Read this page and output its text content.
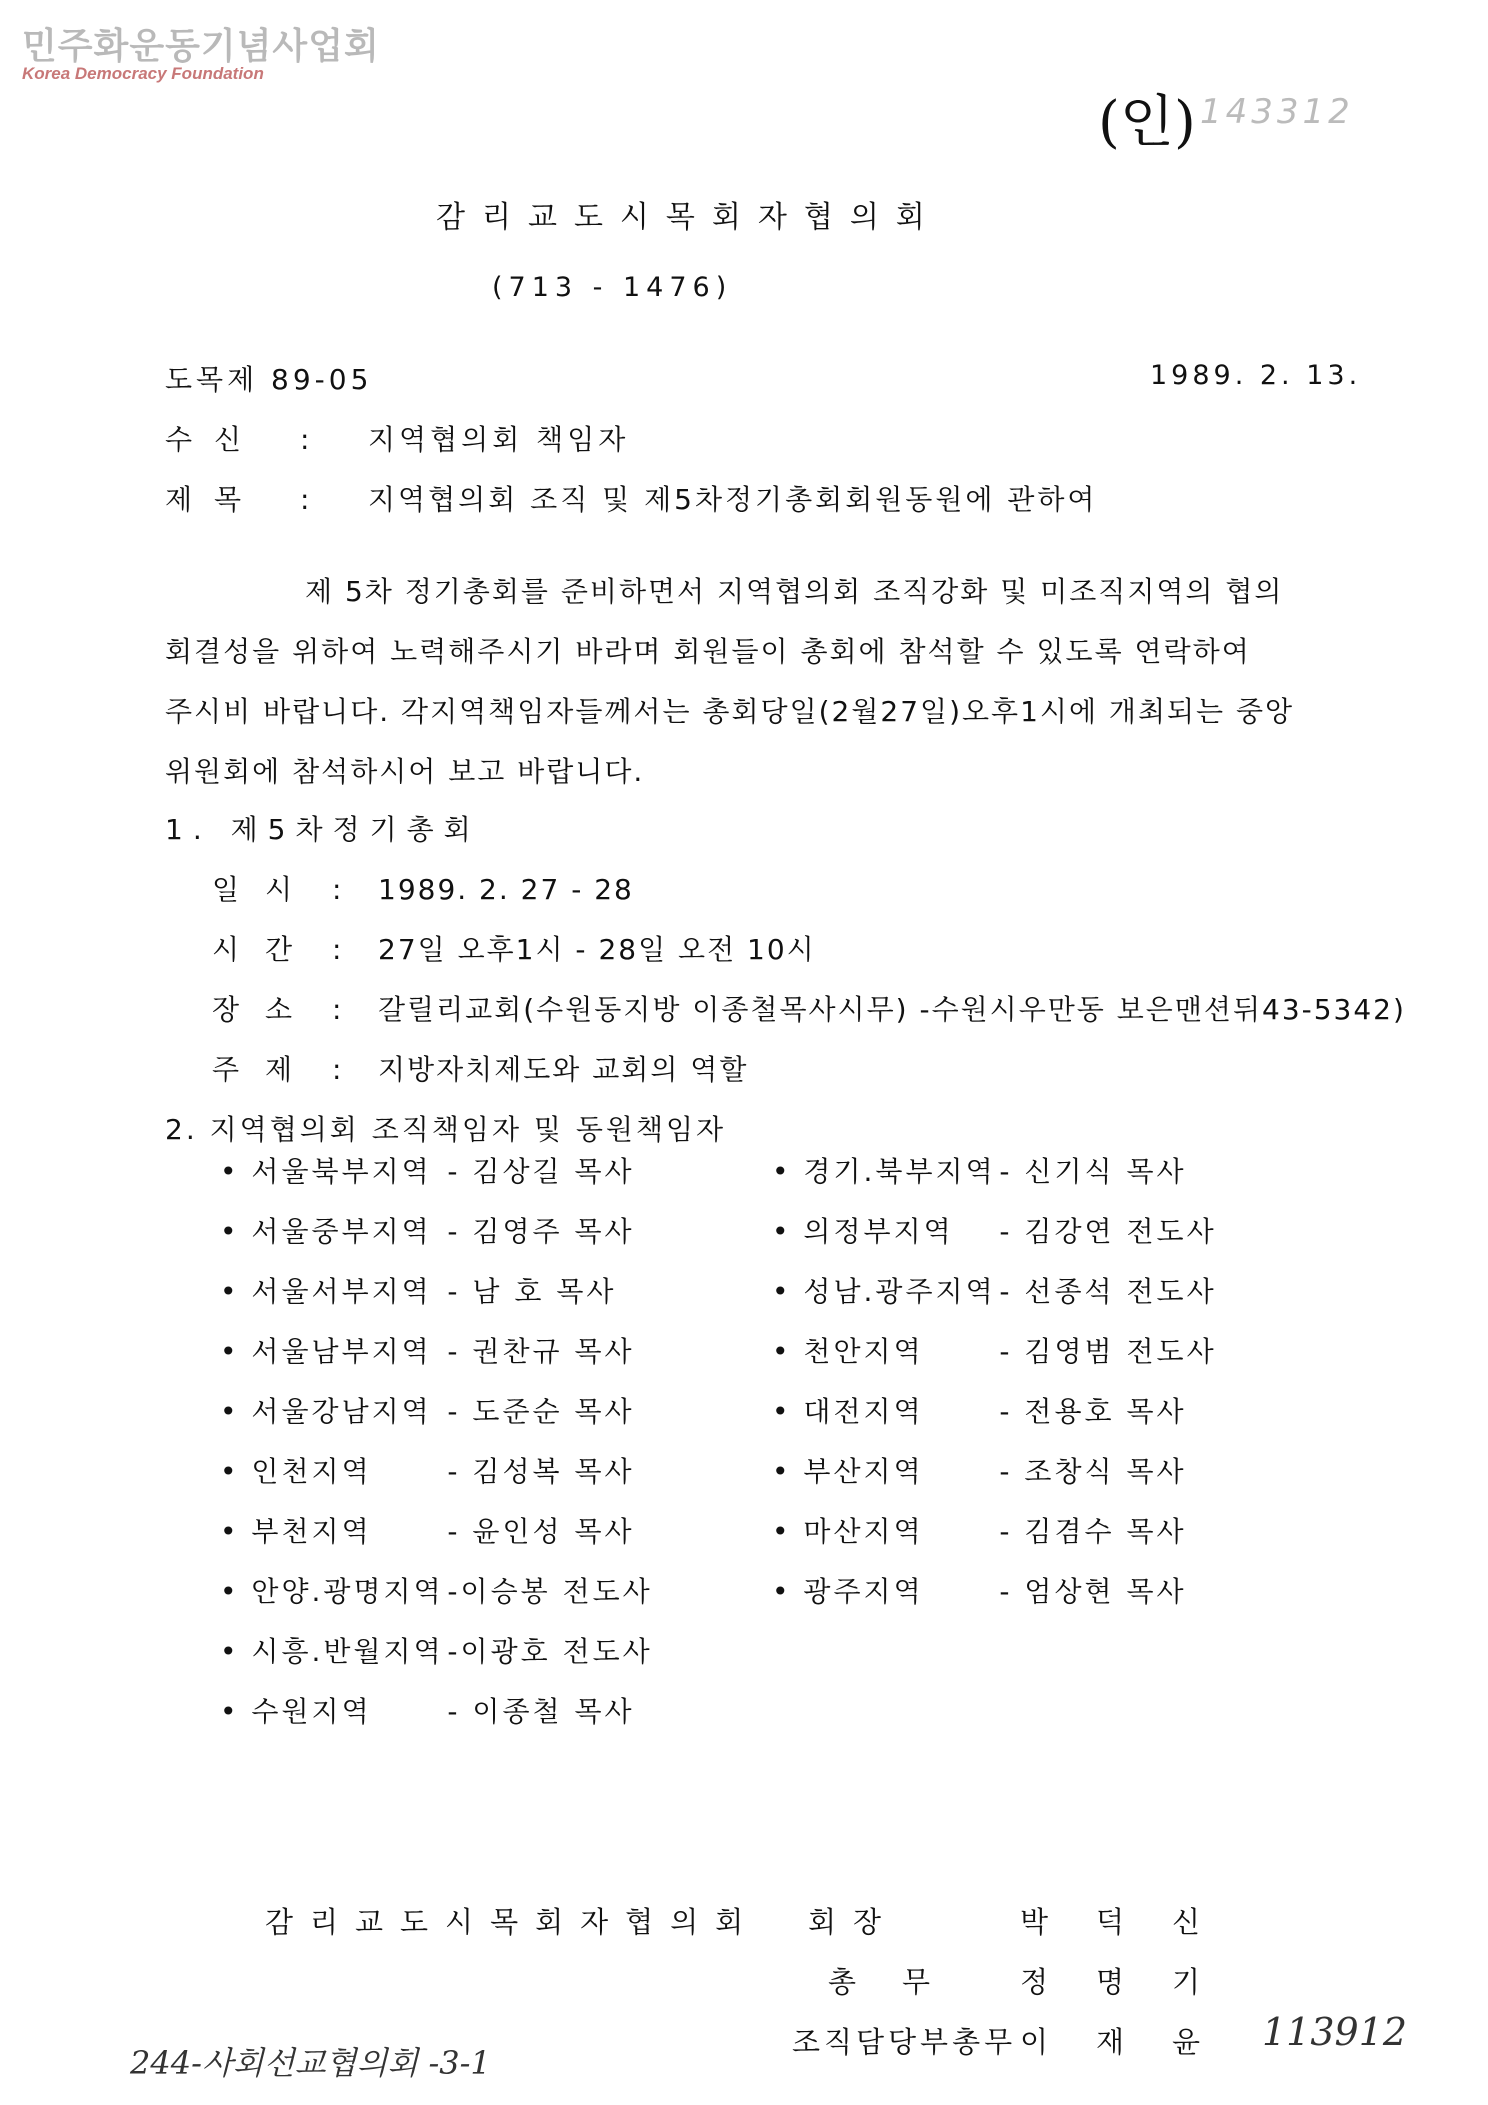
민주화운동기념사업회
Korea Democracy Foundation
(인) 143312
감리교도시목회자협의회
(713 - 1476)
도목제 89-05	1989. 2. 13.
수신 : 지역협의회 책임자
제목 : 지역협의회 조직 및 제5차정기총회회원동원에 관하여
제 5차 정기총회를 준비하면서 지역협의회 조직강화 및 미조직지역의 협의
회결성을 위하여 노력해주시기 바라며 회원들이 총회에 참석할 수 있도록 연락하여
주시비 바랍니다. 각지역책임자들께서는 총회당일(2월27일)오후1시에 개최되는 중앙
위원회에 참석하시어 보고 바랍니다.
1. 제5차정기총회
일시 : 1989. 2. 27 - 28
시간 : 27일 오후1시 - 28일 오전 10시
장소 : 갈릴리교회(수원동지방 이종철목사시무) -수원시우만동 보은맨션뒤43-5342)
주제 : 지방자치제도와 교회의 역할
2. 지역협의회 조직책임자 및 동원책임자
• 서울북부지역 - 김상길 목사
• 서울중부지역 - 김영주 목사
• 서울서부지역 - 남 호 목사
• 서울남부지역 - 권찬규 목사
• 서울강남지역 - 도준순 목사
• 인천지역	- 김성복 목사
• 부천지역	- 윤인성 목사
• 안양.광명지역 -이승봉 전도사
• 시흥.반월지역 -이광호 전도사
• 수원지역	- 이종철 목사
• 경기.북부지역 - 신기식 목사
• 의정부지역 - 김강연 전도사
• 성남.광주지역 - 선종석 전도사
• 천안지역	- 김영범 전도사
• 대전지역	- 전용호 목사
• 부산지역	- 조창식 목사
• 마산지역	- 김겸수 목사
• 광주지역	- 엄상현 목사
감리교도시목회자협의회 회장	박덕신
총무 정명기
조직담당부총무 이재윤
244-사회선교협의회 -3-1
113912
